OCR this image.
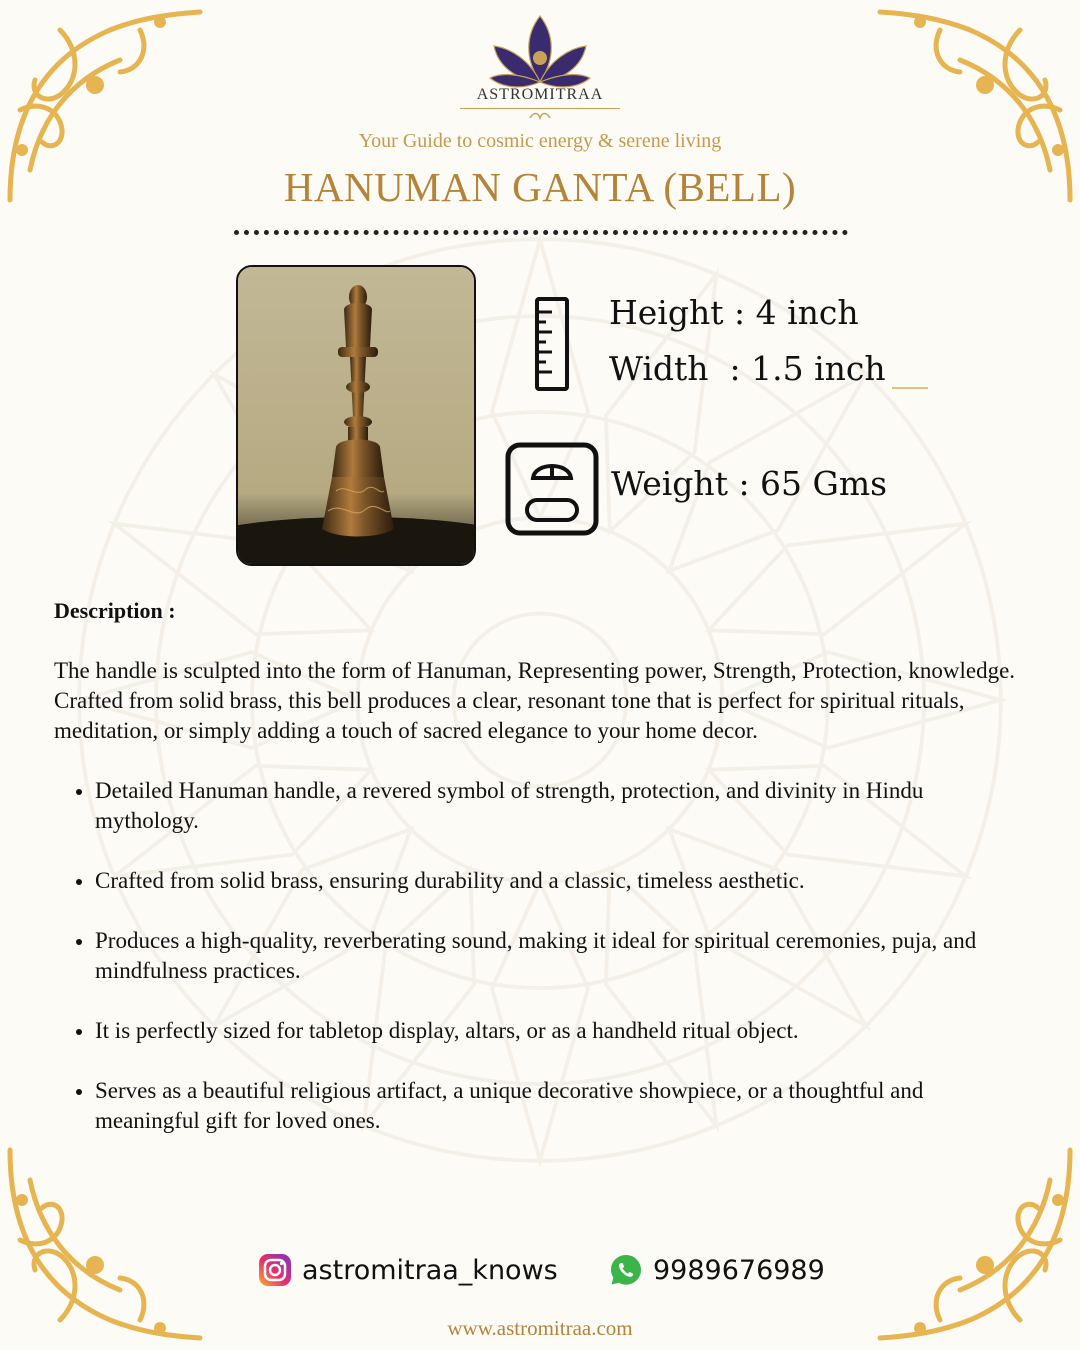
ASTROMITRAA
Your Guide to cosmic energy & serene living
HANUMAN GANTA (BELL)
Height : 4 inch
Width  : 1.5 inch
Weight : 65 Gms
Description :
The handle is sculpted into the form of Hanuman, Representing power, Strength, Protection, knowledge. Crafted from solid brass, this bell produces a clear, resonant tone that is perfect for spiritual rituals, meditation, or simply adding a touch of sacred elegance to your home decor.
Detailed Hanuman handle, a revered symbol of strength, protection, and divinity in Hindu mythology.
Crafted from solid brass, ensuring durability and a classic, timeless aesthetic.
Produces a high-quality, reverberating sound, making it ideal for spiritual ceremonies, puja, and mindfulness practices.
It is perfectly sized for tabletop display, altars, or as a handheld ritual object.
Serves as a beautiful religious artifact, a unique decorative showpiece, or a thoughtful and meaningful gift for loved ones.
astromitraa_knows	9989676989
www.astromitraa.com
